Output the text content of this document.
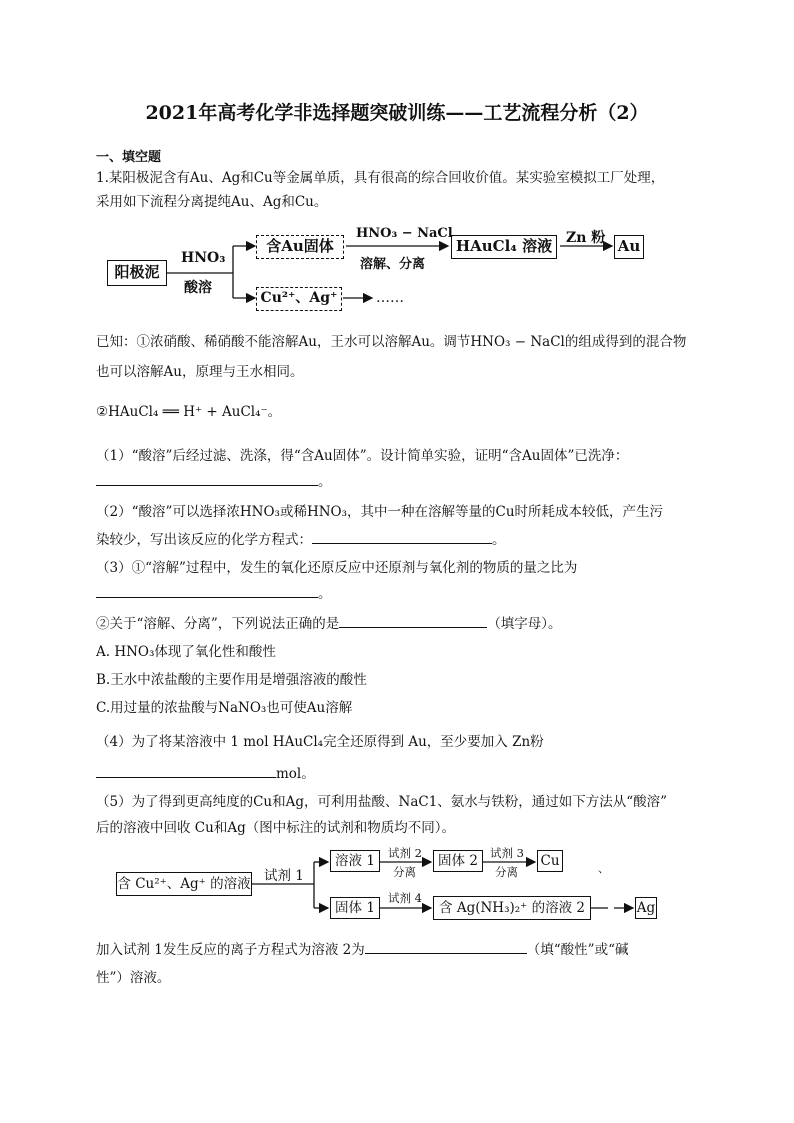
2021年高考化学非选择题突破训练——工艺流程分析（2）
一、填空题
1.某阳极泥含有Au、Ag和Cu等金属单质，具有很高的综合回收价值。某实验室模拟工厂处理，
采用如下流程分离提纯Au、Ag和Cu。
阳极泥
HNO₃
酸溶
含Au固体
HNO₃ − NaCl
溶解、分离
HAuCl₄ 溶液 Zn 粉 Au
Cu²⁺、Ag⁺	……
已知：①浓硝酸、稀硝酸不能溶解Au，王水可以溶解Au。调节HNO₃ − NaCl的组成得到的混合物
也可以溶解Au，原理与王水相同。
②HAuCl₄ ══ H⁺ + AuCl₄⁻。
（1）“酸溶”后经过滤、洗涤，得“含Au固体”。设计简单实验，证明“含Au固体”已洗净：
。
（2）“酸溶”可以选择浓HNO₃或稀HNO₃，其中一种在溶解等量的Cu时所耗成本较低，产生污
染较少，写出该反应的化学方程式：	。
（3）①“溶解”过程中，发生的氧化还原反应中还原剂与氧化剂的物质的量之比为
。
②关于“溶解、分离”，下列说法正确的是	（填字母）。
A. HNO₃体现了氧化性和酸性
B.王水中浓盐酸的主要作用是增强溶液的酸性
C.用过量的浓盐酸与NaNO₃也可使Au溶解
（4）为了将某溶液中 1 mol HAuCl₄完全还原得到 Au，至少要加入 Zn粉
mol。
（5）为了得到更高纯度的Cu和Ag，可利用盐酸、NaC1、氨水与铁粉，通过如下方法从“酸溶”
后的溶液中回收 Cu和Ag（图中标注的试剂和物质均不同）。
含 Cu²⁺、Ag⁺ 的溶液 试剂 1
溶液 1	试剂 2
分离
固体 2	试剂 3
分离
Cu	、
固体 1
试剂 4
含 Ag(NH₃)₂⁺ 的溶液 2	Ag
加入试剂 1发生反应的离子方程式为溶液 2为	（填“酸性”或“碱
性”）溶液。
